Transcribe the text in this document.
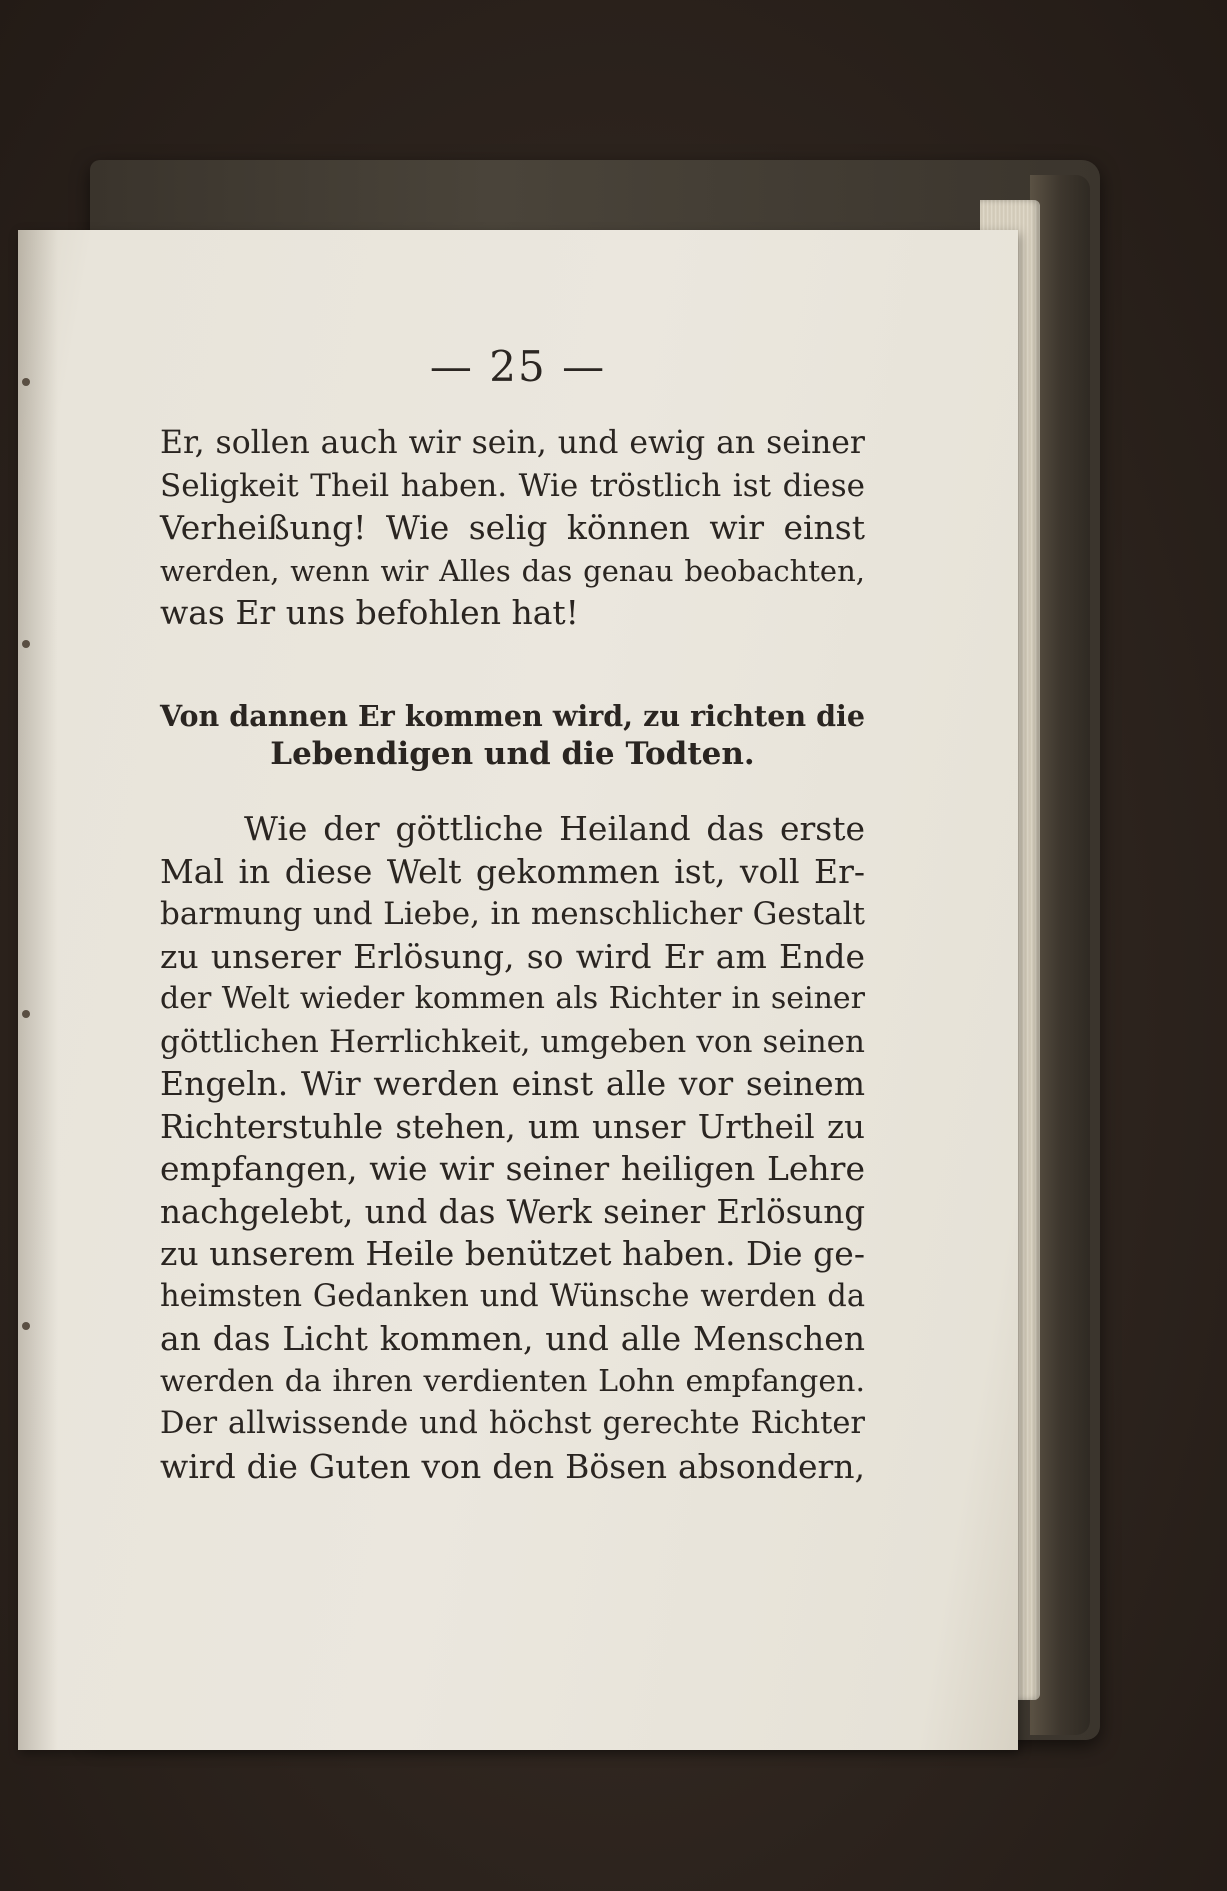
— 25 —

Er, sollen auch wir sein, und ewig an seiner
Seligkeit Theil haben. Wie tröstlich ist diese
Verheißung! Wie selig können wir einst
werden, wenn wir Alles das genau beobachten,
was Er uns befohlen hat!

Von dannen Er kommen wird, zu richten die
Lebendigen und die Todten.

Wie der göttliche Heiland das erste
Mal in diese Welt gekommen ist, voll Er-
barmung und Liebe, in menschlicher Gestalt
zu unserer Erlösung, so wird Er am Ende
der Welt wieder kommen als Richter in seiner
göttlichen Herrlichkeit, umgeben von seinen
Engeln. Wir werden einst alle vor seinem
Richterstuhle stehen, um unser Urtheil zu
empfangen, wie wir seiner heiligen Lehre
nachgelebt, und das Werk seiner Erlösung
zu unserem Heile benützet haben. Die ge-
heimsten Gedanken und Wünsche werden da
an das Licht kommen, und alle Menschen
werden da ihren verdienten Lohn empfangen.
Der allwissende und höchst gerechte Richter
wird die Guten von den Bösen absondern,
